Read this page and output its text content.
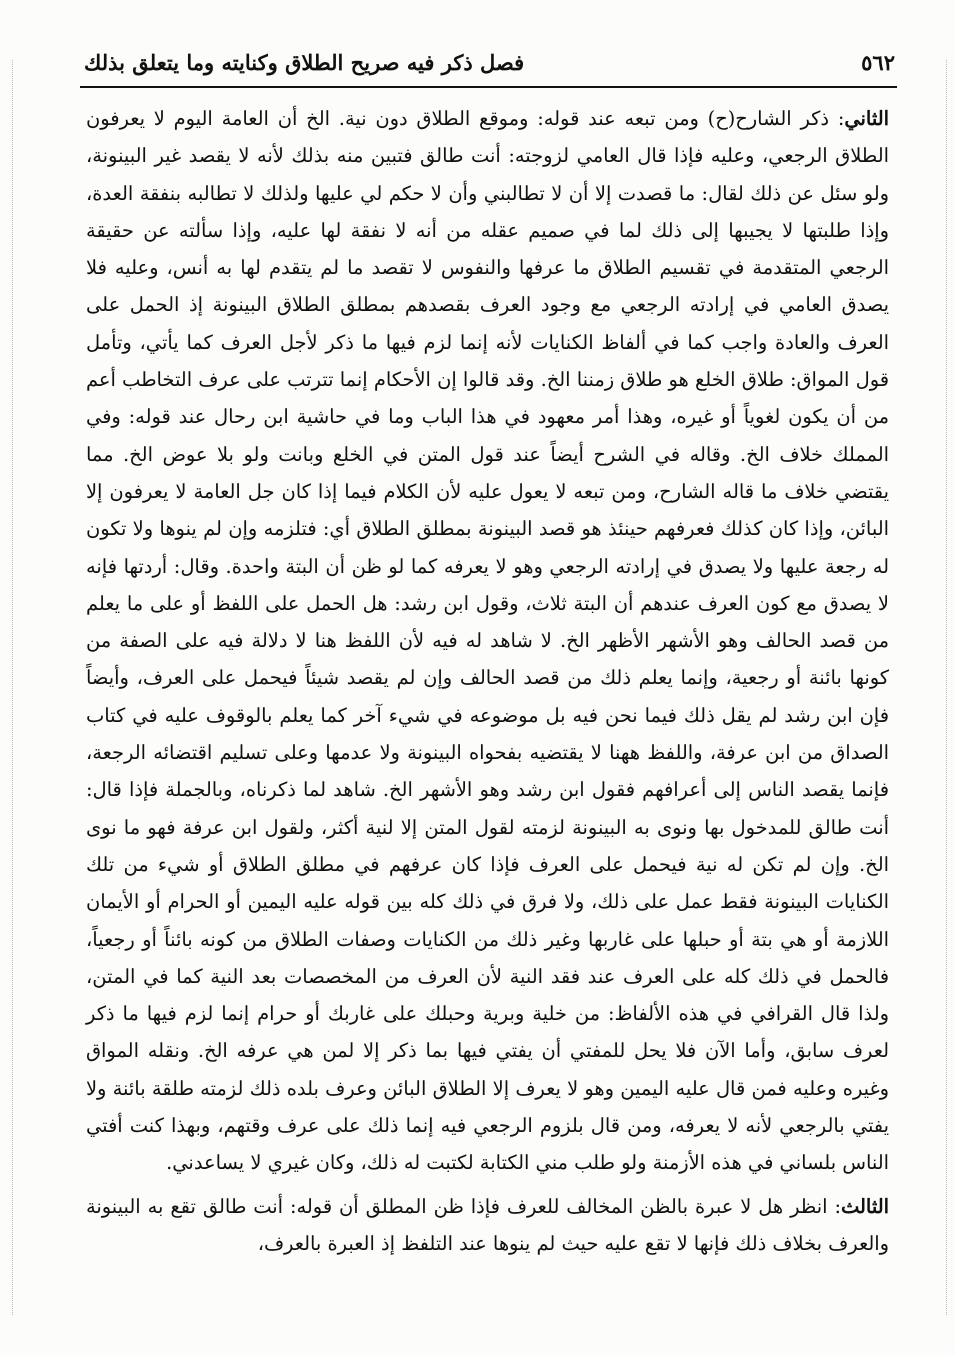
٥٦٢
فصل ذكر فيه صريح الطلاق وكنايته وما يتعلق بذلك

الثاني: ذكر الشارح(ح) ومن تبعه عند قوله: وموقع الطلاق دون نية. الخ أن العامة اليوم لا يعرفون الطلاق الرجعي، وعليه فإذا قال العامي لزوجته: أنت طالق فتبين منه بذلك لأنه لا يقصد غير البينونة، ولو سئل عن ذلك لقال: ما قصدت إلا أن لا تطالبني وأن لا حكم لي عليها ولذلك لا تطالبه بنفقة العدة، وإذا طلبتها لا يجيبها إلى ذلك لما في صميم عقله من أنه لا نفقة لها عليه، وإذا سألته عن حقيقة الرجعي المتقدمة في تقسيم الطلاق ما عرفها والنفوس لا تقصد ما لم يتقدم لها به أنس، وعليه فلا يصدق العامي في إرادته الرجعي مع وجود العرف بقصدهم بمطلق الطلاق البينونة إذ الحمل على العرف والعادة واجب كما في ألفاظ الكنايات لأنه إنما لزم فيها ما ذكر لأجل العرف كما يأتي، وتأمل قول المواق: طلاق الخلع هو طلاق زمننا الخ. وقد قالوا إن الأحكام إنما تترتب على عرف التخاطب أعم من أن يكون لغوياً أو غيره، وهذا أمر معهود في هذا الباب وما في حاشية ابن رحال عند قوله: وفي المملك خلاف الخ. وقاله في الشرح أيضاً عند قول المتن في الخلع وبانت ولو بلا عوض الخ. مما يقتضي خلاف ما قاله الشارح، ومن تبعه لا يعول عليه لأن الكلام فيما إذا كان جل العامة لا يعرفون إلا البائن، وإذا كان كذلك فعرفهم حينئذ هو قصد البينونة بمطلق الطلاق أي: فتلزمه وإن لم ينوها ولا تكون له رجعة عليها ولا يصدق في إرادته الرجعي وهو لا يعرفه كما لو ظن أن البتة واحدة. وقال: أردتها فإنه لا يصدق مع كون العرف عندهم أن البتة ثلاث، وقول ابن رشد: هل الحمل على اللفظ أو على ما يعلم من قصد الحالف وهو الأشهر الأظهر الخ. لا شاهد له فيه لأن اللفظ هنا لا دلالة فيه على الصفة من كونها بائنة أو رجعية، وإنما يعلم ذلك من قصد الحالف وإن لم يقصد شيئاً فيحمل على العرف، وأيضاً فإن ابن رشد لم يقل ذلك فيما نحن فيه بل موضوعه في شيء آخر كما يعلم بالوقوف عليه في كتاب الصداق من ابن عرفة، واللفظ ههنا لا يقتضيه بفحواه البينونة ولا عدمها وعلى تسليم اقتضائه الرجعة، فإنما يقصد الناس إلى أعرافهم فقول ابن رشد وهو الأشهر الخ. شاهد لما ذكرناه، وبالجملة فإذا قال: أنت طالق للمدخول بها ونوى به البينونة لزمته لقول المتن إلا لنية أكثر، ولقول ابن عرفة فهو ما نوى الخ. وإن لم تكن له نية فيحمل على العرف فإذا كان عرفهم في مطلق الطلاق أو شيء من تلك الكنايات البينونة فقط عمل على ذلك، ولا فرق في ذلك كله بين قوله عليه اليمين أو الحرام أو الأيمان اللازمة أو هي بتة أو حبلها على غاربها وغير ذلك من الكنايات وصفات الطلاق من كونه بائناً أو رجعياً، فالحمل في ذلك كله على العرف عند فقد النية لأن العرف من المخصصات بعد النية كما في المتن، ولذا قال القرافي في هذه الألفاظ: من خلية وبرية وحبلك على غاربك أو حرام إنما لزم فيها ما ذكر لعرف سابق، وأما الآن فلا يحل للمفتي أن يفتي فيها بما ذكر إلا لمن هي عرفه الخ. ونقله المواق وغيره وعليه فمن قال عليه اليمين وهو لا يعرف إلا الطلاق البائن وعرف بلده ذلك لزمته طلقة بائنة ولا يفتي بالرجعي لأنه لا يعرفه، ومن قال بلزوم الرجعي فيه إنما ذلك على عرف وقتهم، وبهذا كنت أفتي الناس بلساني في هذه الأزمنة ولو طلب مني الكتابة لكتبت له ذلك، وكان غيري لا يساعدني.

الثالث: انظر هل لا عبرة بالظن المخالف للعرف فإذا ظن المطلق أن قوله: أنت طالق تقع به البينونة والعرف بخلاف ذلك فإنها لا تقع عليه حيث لم ينوها عند التلفظ إذ العبرة بالعرف،
